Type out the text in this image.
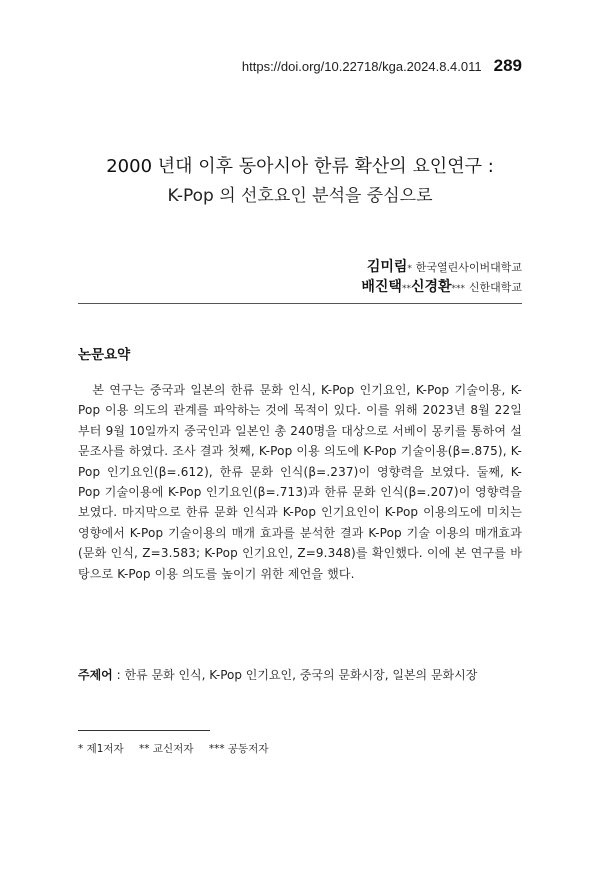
https://doi.org/10.22718/kga.2024.8.4.011 289
2000 년대 이후 동아시아 한류 확산의 요인연구 :
K-Pop 의 선호요인 분석을 중심으로
김미림* 한국열린사이버대학교
배진택**신경환*** 신한대학교
논문요약

본 연구는 중국과 일본의 한류 문화 인식, K-Pop 인기요인, K-Pop 기술이용, K-Pop 이용 의도의 관계를 파악하는 것에 목적이 있다. 이를 위해 2023년 8월 22일부터 9월 10일까지 중국인과 일본인 총 240명을 대상으로 서베이 몽키를 통하여 설문조사를 하였다. 조사 결과 첫째, K-Pop 이용 의도에 K-Pop 기술이용(β=.875), K-Pop 인기요인(β=.612), 한류 문화 인식(β=.237)이 영향력을 보였다. 둘째, K-Pop 기술이용에 K-Pop 인기요인(β=.713)과 한류 문화 인식(β=.207)이 영향력을 보였다. 마지막으로 한류 문화 인식과 K-Pop 인기요인이 K-Pop 이용의도에 미치는 영향에서 K-Pop 기술이용의 매개 효과를 분석한 결과 K-Pop 기술 이용의 매개효과(문화 인식, Z=3.583; K-Pop 인기요인, Z=9.348)를 확인했다. 이에 본 연구를 바탕으로 K-Pop 이용 의도를 높이기 위한 제언을 했다.

주제어 : 한류 문화 인식, K-Pop 인기요인, 중국의 문화시장, 일본의 문화시장
* 제1저자 ** 교신저자 *** 공동저자
